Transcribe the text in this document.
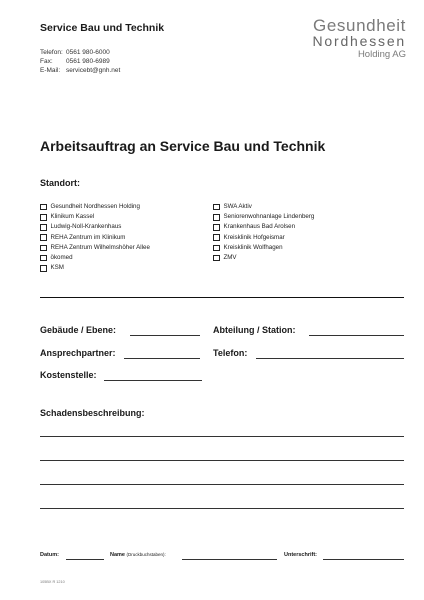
Service Bau und Technik
Telefon: 0561 980-6000
Fax:	0561 980-6989
E-Mail: servicebt@gnh.net
Gesundheit
Nordhessen
Holding AG
Arbeitsauftrag an Service Bau und Technik
Standort:
Gesundheit Nordhessen Holding
Klinikum Kassel
Ludwig-Noll-Krankenhaus
REHA Zentrum im Klinikum
REHA Zentrum Wilhelmshöher Allee
ökomed
KSM
SWA Aktiv
Seniorenwohnanlage Lindenberg
Krankenhaus Bad Arolsen
Kreisklinik Hofgeismar
Kreisklinik Wolfhagen
ZMV
Gebäude / Ebene:	Abteilung / Station:
Ansprechpartner:	Telefon:
Kostenstelle:
Schadensbeschreibung:
Datum:	Name (Druckbuchstaben):	Unterschrift:
105BX R 1210
